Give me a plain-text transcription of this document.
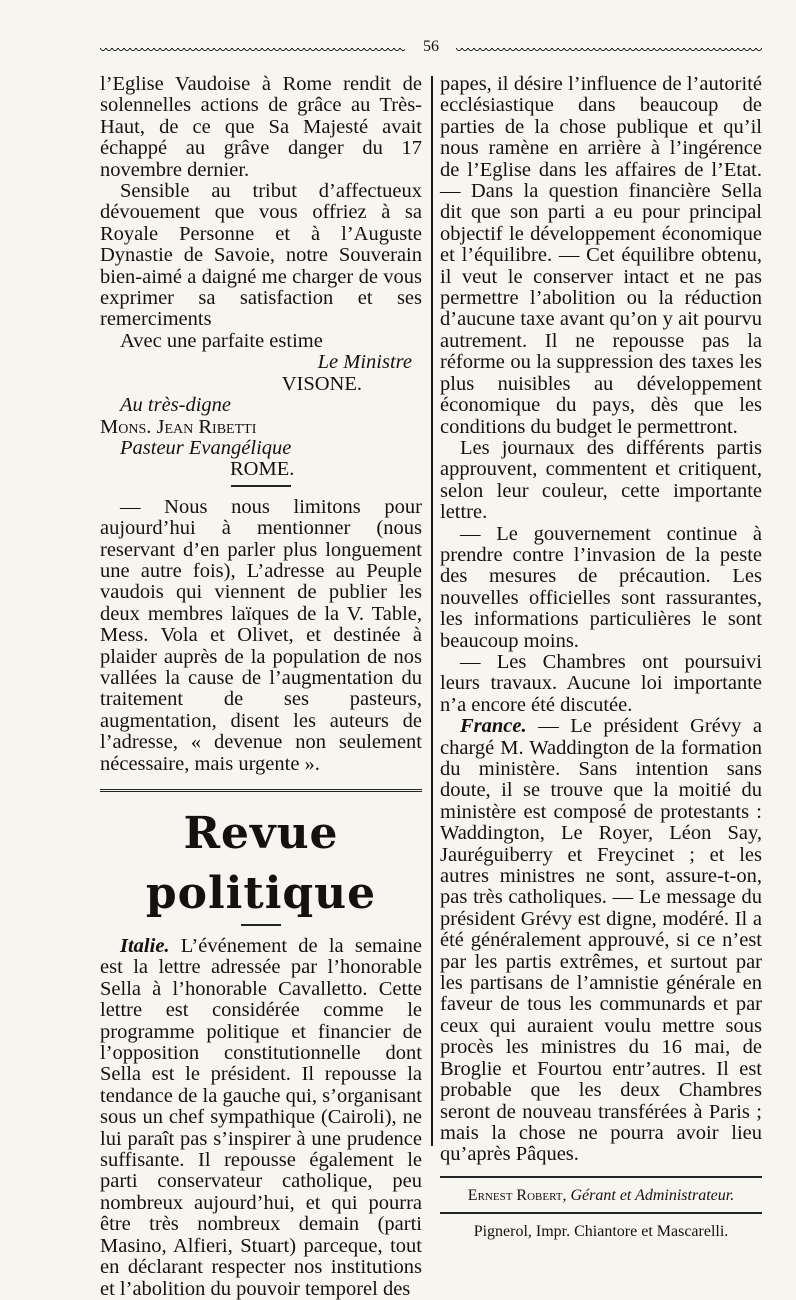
56

l’Eglise Vaudoise à Rome rendit de solennelles actions de grâce au Très-Haut, de ce que Sa Majesté avait échappé au grâve danger du 17 novembre dernier.

Sensible au tribut d’affectueux dévouement que vous offriez à sa Royale Personne et à l’Auguste Dynastie de Savoie, notre Souverain bien-aimé a daigné me charger de vous exprimer sa satisfaction et ses remerciments

Avec une parfaite estime

Le Ministre

VISONE.

Au très-digne

Mons. Jean Ribetti

Pasteur Evangélique

ROME.

— Nous nous limitons pour aujourd’hui à mentionner (nous reservant d’en parler plus longuement une autre fois), L’adresse au Peuple vaudois qui viennent de publier les deux membres laïques de la V. Table, Mess. Vola et Olivet, et destinée à plaider auprès de la population de nos vallées la cause de l’augmentation du traitement de ses pasteurs, augmentation, disent les auteurs de l’adresse, « devenue non seulement nécessaire, mais urgente ».

Revue politique

Italie. L’événement de la semaine est la lettre adressée par l’honorable Sella à l’honorable Cavalletto. Cette lettre est considérée comme le programme politique et financier de l’opposition constitutionnelle dont Sella est le président. Il repousse la tendance de la gauche qui, s’organisant sous un chef sympathique (Cairoli), ne lui paraît pas s’inspirer à une prudence suffisante. Il repousse également le parti conservateur catholique, peu nombreux aujourd’hui, et qui pourra être très nombreux demain (parti Masino, Alfieri, Stuart) parceque, tout en déclarant respecter nos institutions et l’abolition du pouvoir temporel des

papes, il désire l’influence de l’autorité ecclésiastique dans beaucoup de parties de la chose publique et qu’il nous ramène en arrière à l’ingérence de l’Eglise dans les affaires de l’Etat. — Dans la question financière Sella dit que son parti a eu pour principal objectif le développement économique et l’équilibre. — Cet équilibre obtenu, il veut le conserver intact et ne pas permettre l’abolition ou la réduction d’aucune taxe avant qu’on y ait pourvu autrement. Il ne repousse pas la réforme ou la suppression des taxes les plus nuisibles au développement économique du pays, dès que les conditions du budget le permettront.

Les journaux des différents partis approuvent, commentent et critiquent, selon leur couleur, cette importante lettre.

— Le gouvernement continue à prendre contre l’invasion de la peste des mesures de précaution. Les nouvelles officielles sont rassurantes, les informations particulières le sont beaucoup moins.

— Les Chambres ont poursuivi leurs travaux. Aucune loi importante n’a encore été discutée.

France. — Le président Grévy a chargé M. Waddington de la formation du ministère. Sans intention sans doute, il se trouve que la moitié du ministère est composé de protestants : Waddington, Le Royer, Léon Say, Jauréguiberry et Freycinet ; et les autres ministres ne sont, assure-t-on, pas très catholiques. — Le message du président Grévy est digne, modéré. Il a été généralement approuvé, si ce n’est par les partis extrêmes, et surtout par les partisans de l’amnistie générale en faveur de tous les communards et par ceux qui auraient voulu mettre sous procès les ministres du 16 mai, de Broglie et Fourtou entr’autres. Il est probable que les deux Chambres seront de nouveau transférées à Paris ; mais la chose ne pourra avoir lieu qu’après Pâques.

Ernest Robert, Gérant et Administrateur.

Pignerol, Impr. Chiantore et Mascarelli.
